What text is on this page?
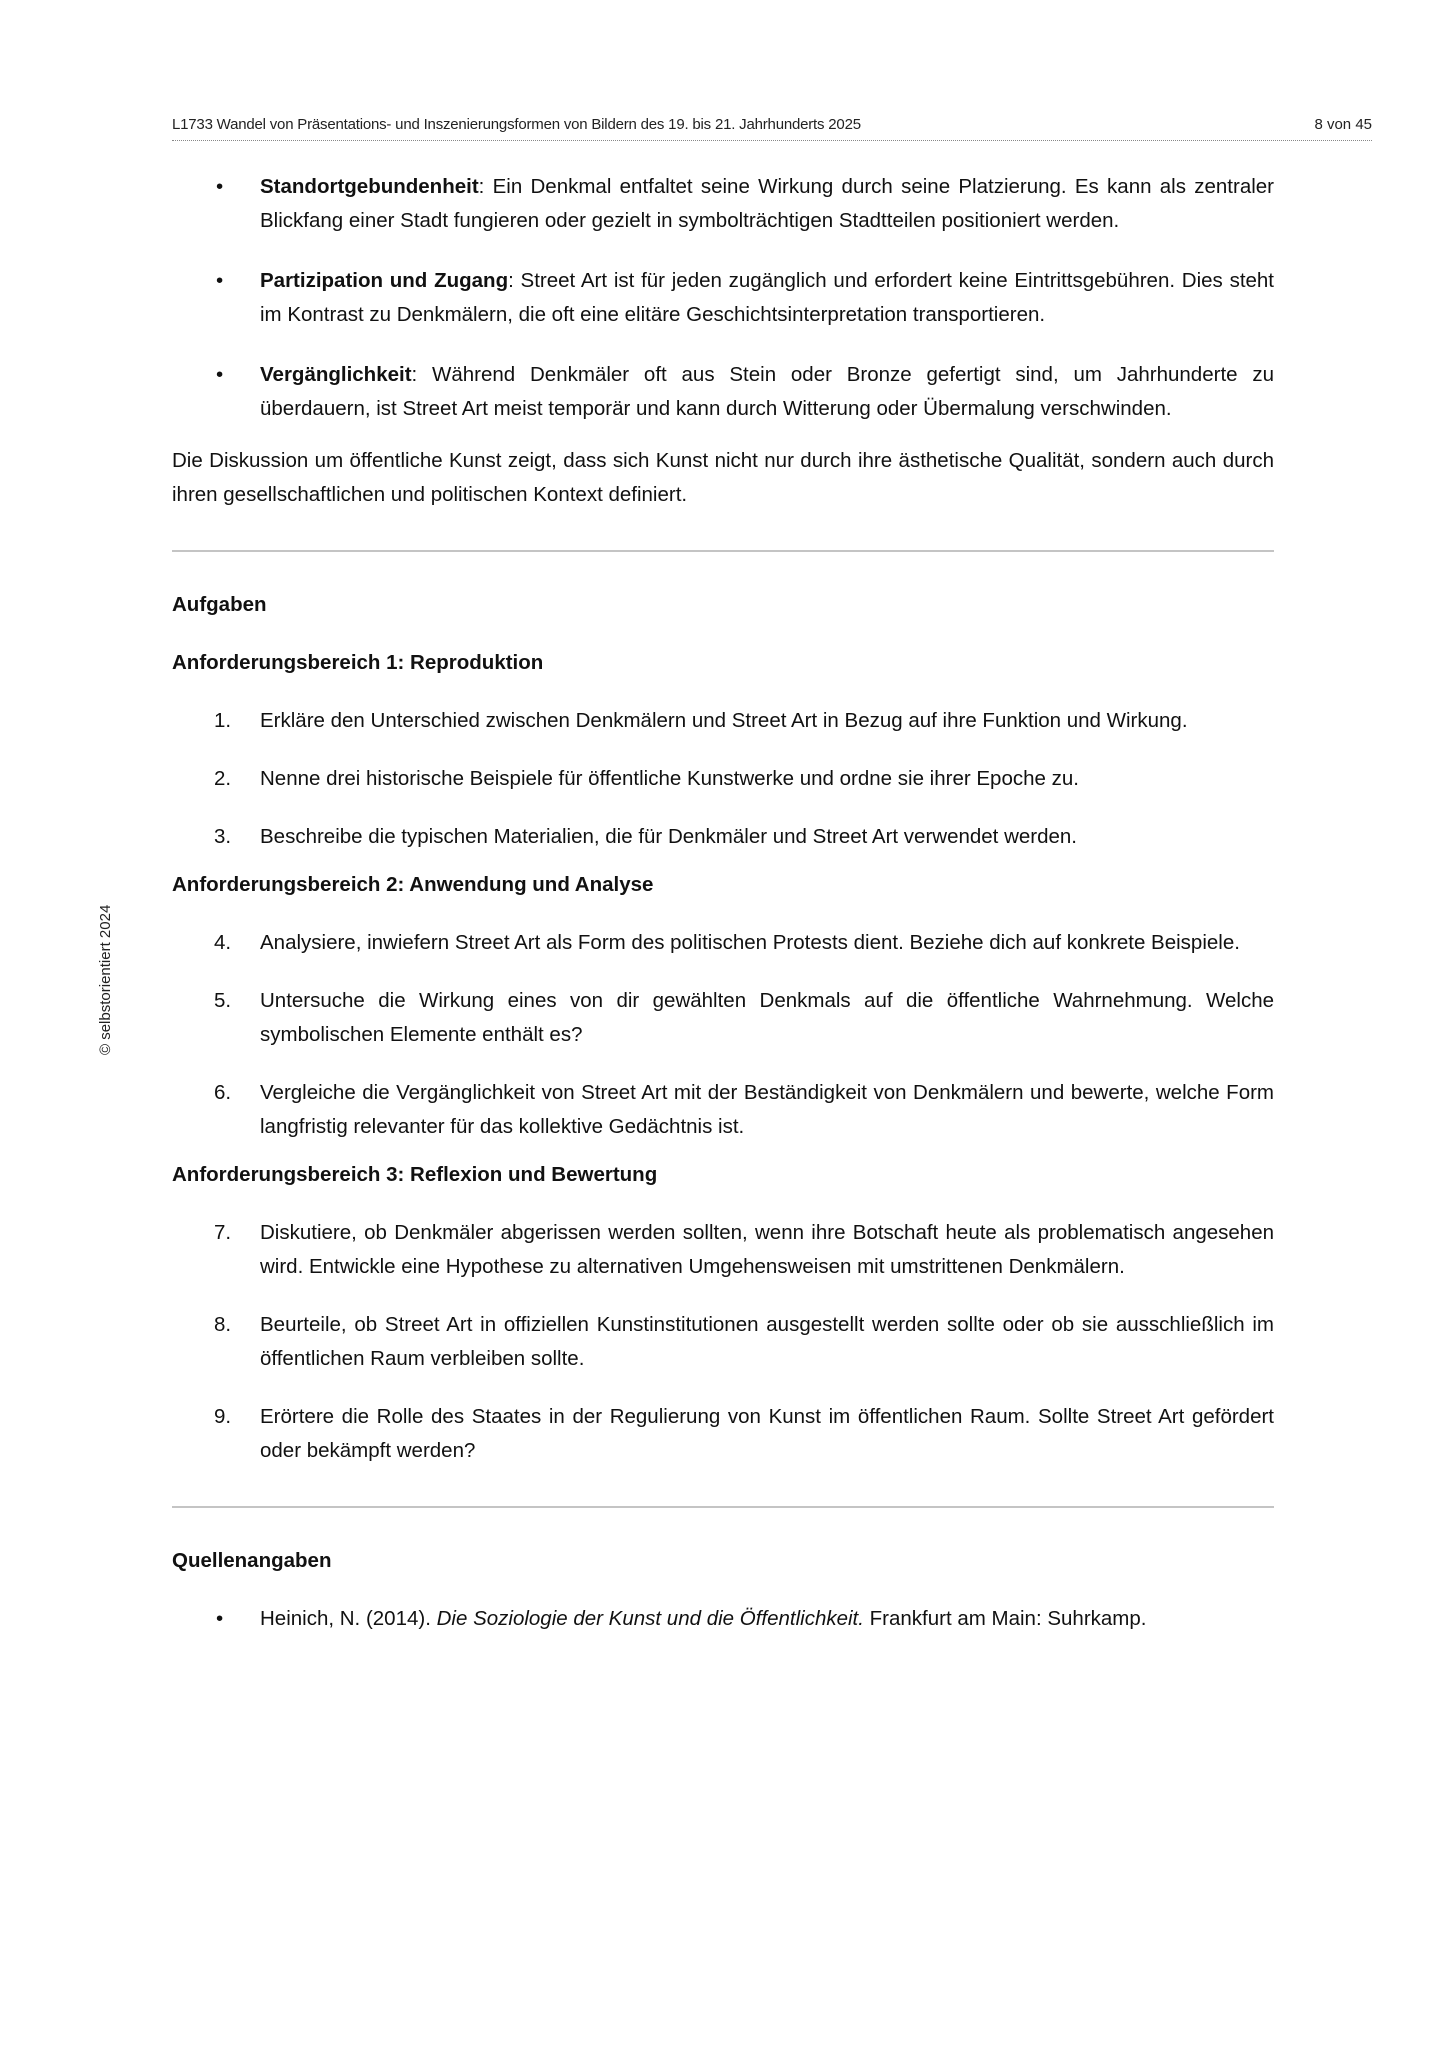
L1733 Wandel von Präsentations- und Inszenierungsformen von Bildern des 19. bis 21. Jahrhunderts 2025	8 von 45
© selbstorientiert 2024
• Standortgebundenheit: Ein Denkmal entfaltet seine Wirkung durch seine Platzierung. Es kann als zentraler Blickfang einer Stadt fungieren oder gezielt in symbolträchtigen Stadtteilen positioniert werden.
• Partizipation und Zugang: Street Art ist für jeden zugänglich und erfordert keine Eintrittsgebühren. Dies steht im Kontrast zu Denkmälern, die oft eine elitäre Geschichtsinterpretation transportieren.
• Vergänglichkeit: Während Denkmäler oft aus Stein oder Bronze gefertigt sind, um Jahrhunderte zu überdauern, ist Street Art meist temporär und kann durch Witterung oder Übermalung verschwinden.

Die Diskussion um öffentliche Kunst zeigt, dass sich Kunst nicht nur durch ihre ästhetische Qualität, sondern auch durch ihren gesellschaftlichen und politischen Kontext definiert.

Aufgaben
Anforderungsbereich 1: Reproduktion
1. Erkläre den Unterschied zwischen Denkmälern und Street Art in Bezug auf ihre Funktion und Wirkung.
2. Nenne drei historische Beispiele für öffentliche Kunstwerke und ordne sie ihrer Epoche zu.
3. Beschreibe die typischen Materialien, die für Denkmäler und Street Art verwendet werden.
Anforderungsbereich 2: Anwendung und Analyse
4. Analysiere, inwiefern Street Art als Form des politischen Protests dient. Beziehe dich auf konkrete Beispiele.
5. Untersuche die Wirkung eines von dir gewählten Denkmals auf die öffentliche Wahrnehmung. Welche symbolischen Elemente enthält es?
6. Vergleiche die Vergänglichkeit von Street Art mit der Beständigkeit von Denkmälern und bewerte, welche Form langfristig relevanter für das kollektive Gedächtnis ist.
Anforderungsbereich 3: Reflexion und Bewertung
7. Diskutiere, ob Denkmäler abgerissen werden sollten, wenn ihre Botschaft heute als problematisch angesehen wird. Entwickle eine Hypothese zu alternativen Umgehensweisen mit umstrittenen Denkmälern.
8. Beurteile, ob Street Art in offiziellen Kunstinstitutionen ausgestellt werden sollte oder ob sie ausschließlich im öffentlichen Raum verbleiben sollte.
9. Erörtere die Rolle des Staates in der Regulierung von Kunst im öffentlichen Raum. Sollte Street Art gefördert oder bekämpft werden?
Quellenangaben
• Heinich, N. (2014). Die Soziologie der Kunst und die Öffentlichkeit. Frankfurt am Main: Suhrkamp.
